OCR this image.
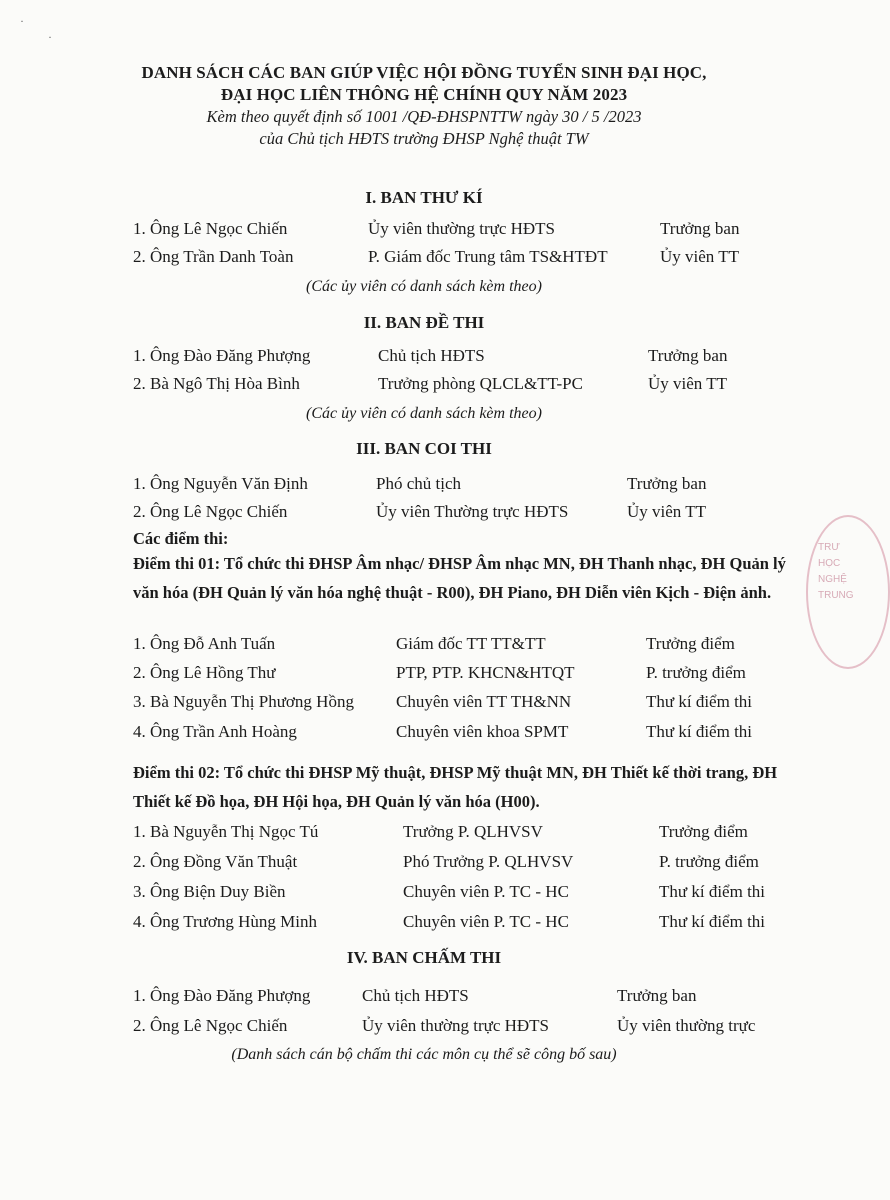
·
·
DANH SÁCH CÁC BAN GIÚP VIỆC HỘI ĐỒNG TUYỂN SINH ĐẠI HỌC,
ĐẠI HỌC LIÊN THÔNG HỆ CHÍNH QUY NĂM 2023
Kèm theo quyết định số 1001 /QĐ-ĐHSPNTTW ngày 30 / 5 /2023
của Chủ tịch HĐTS trường ĐHSP Nghệ thuật TW
I. BAN THƯ KÍ
1. Ông Lê Ngọc Chiến	Ủy viên thường trực HĐTS	Trưởng ban
2. Ông Trần Danh Toàn	P. Giám đốc Trung tâm TS&HTĐT	Ủy viên TT
(Các ủy viên có danh sách kèm theo)
II. BAN ĐỀ THI
1. Ông Đào Đăng Phượng	Chủ tịch HĐTS	Trưởng ban
2. Bà Ngô Thị Hòa Bình	Trưởng phòng QLCL&TT-PC	Ủy viên TT
(Các ủy viên có danh sách kèm theo)
III. BAN COI THI
1. Ông Nguyễn Văn Định	Phó chủ tịch	Trưởng ban
2. Ông Lê Ngọc Chiến	Ủy viên Thường trực HĐTS	Ủy viên TT
Các điểm thi:
Điểm thi 01: Tổ chức thi ĐHSP Âm nhạc/ ĐHSP Âm nhạc MN, ĐH Thanh nhạc, ĐH Quản lý văn hóa (ĐH Quản lý văn hóa nghệ thuật - R00), ĐH Piano, ĐH Diễn viên Kịch - Điện ảnh.
1. Ông Đỗ Anh Tuấn	Giám đốc TT TT&TT	Trưởng điểm
2. Ông Lê Hồng Thư	PTP, PTP. KHCN&HTQT	P. trưởng điểm
3. Bà Nguyễn Thị Phương Hồng Chuyên viên TT TH&NN	Thư kí điểm thi
4. Ông Trần Anh Hoàng	Chuyên viên khoa SPMT	Thư kí điểm thi
Điểm thi 02: Tổ chức thi ĐHSP Mỹ thuật, ĐHSP Mỹ thuật MN, ĐH Thiết kế thời trang, ĐH Thiết kế Đồ họa, ĐH Hội họa, ĐH Quản lý văn hóa (H00).
1. Bà Nguyễn Thị Ngọc Tú	Trưởng P. QLHVSV	Trưởng điểm
2. Ông Đồng Văn Thuật	Phó Trưởng P. QLHVSV	P. trưởng điểm
3. Ông Biện Duy Biền	Chuyên viên P. TC - HC	Thư kí điểm thi
4. Ông Trương Hùng Minh	Chuyên viên P. TC - HC	Thư kí điểm thi
IV. BAN CHẤM THI
1. Ông Đào Đăng Phượng	Chủ tịch HĐTS	Trưởng ban
2. Ông Lê Ngọc Chiến	Ủy viên thường trực HĐTS	Ủy viên thường trực
(Danh sách cán bộ chấm thi các môn cụ thể sẽ công bố sau)
TRƯ
HỌC
NGHỆ
TRUNG
